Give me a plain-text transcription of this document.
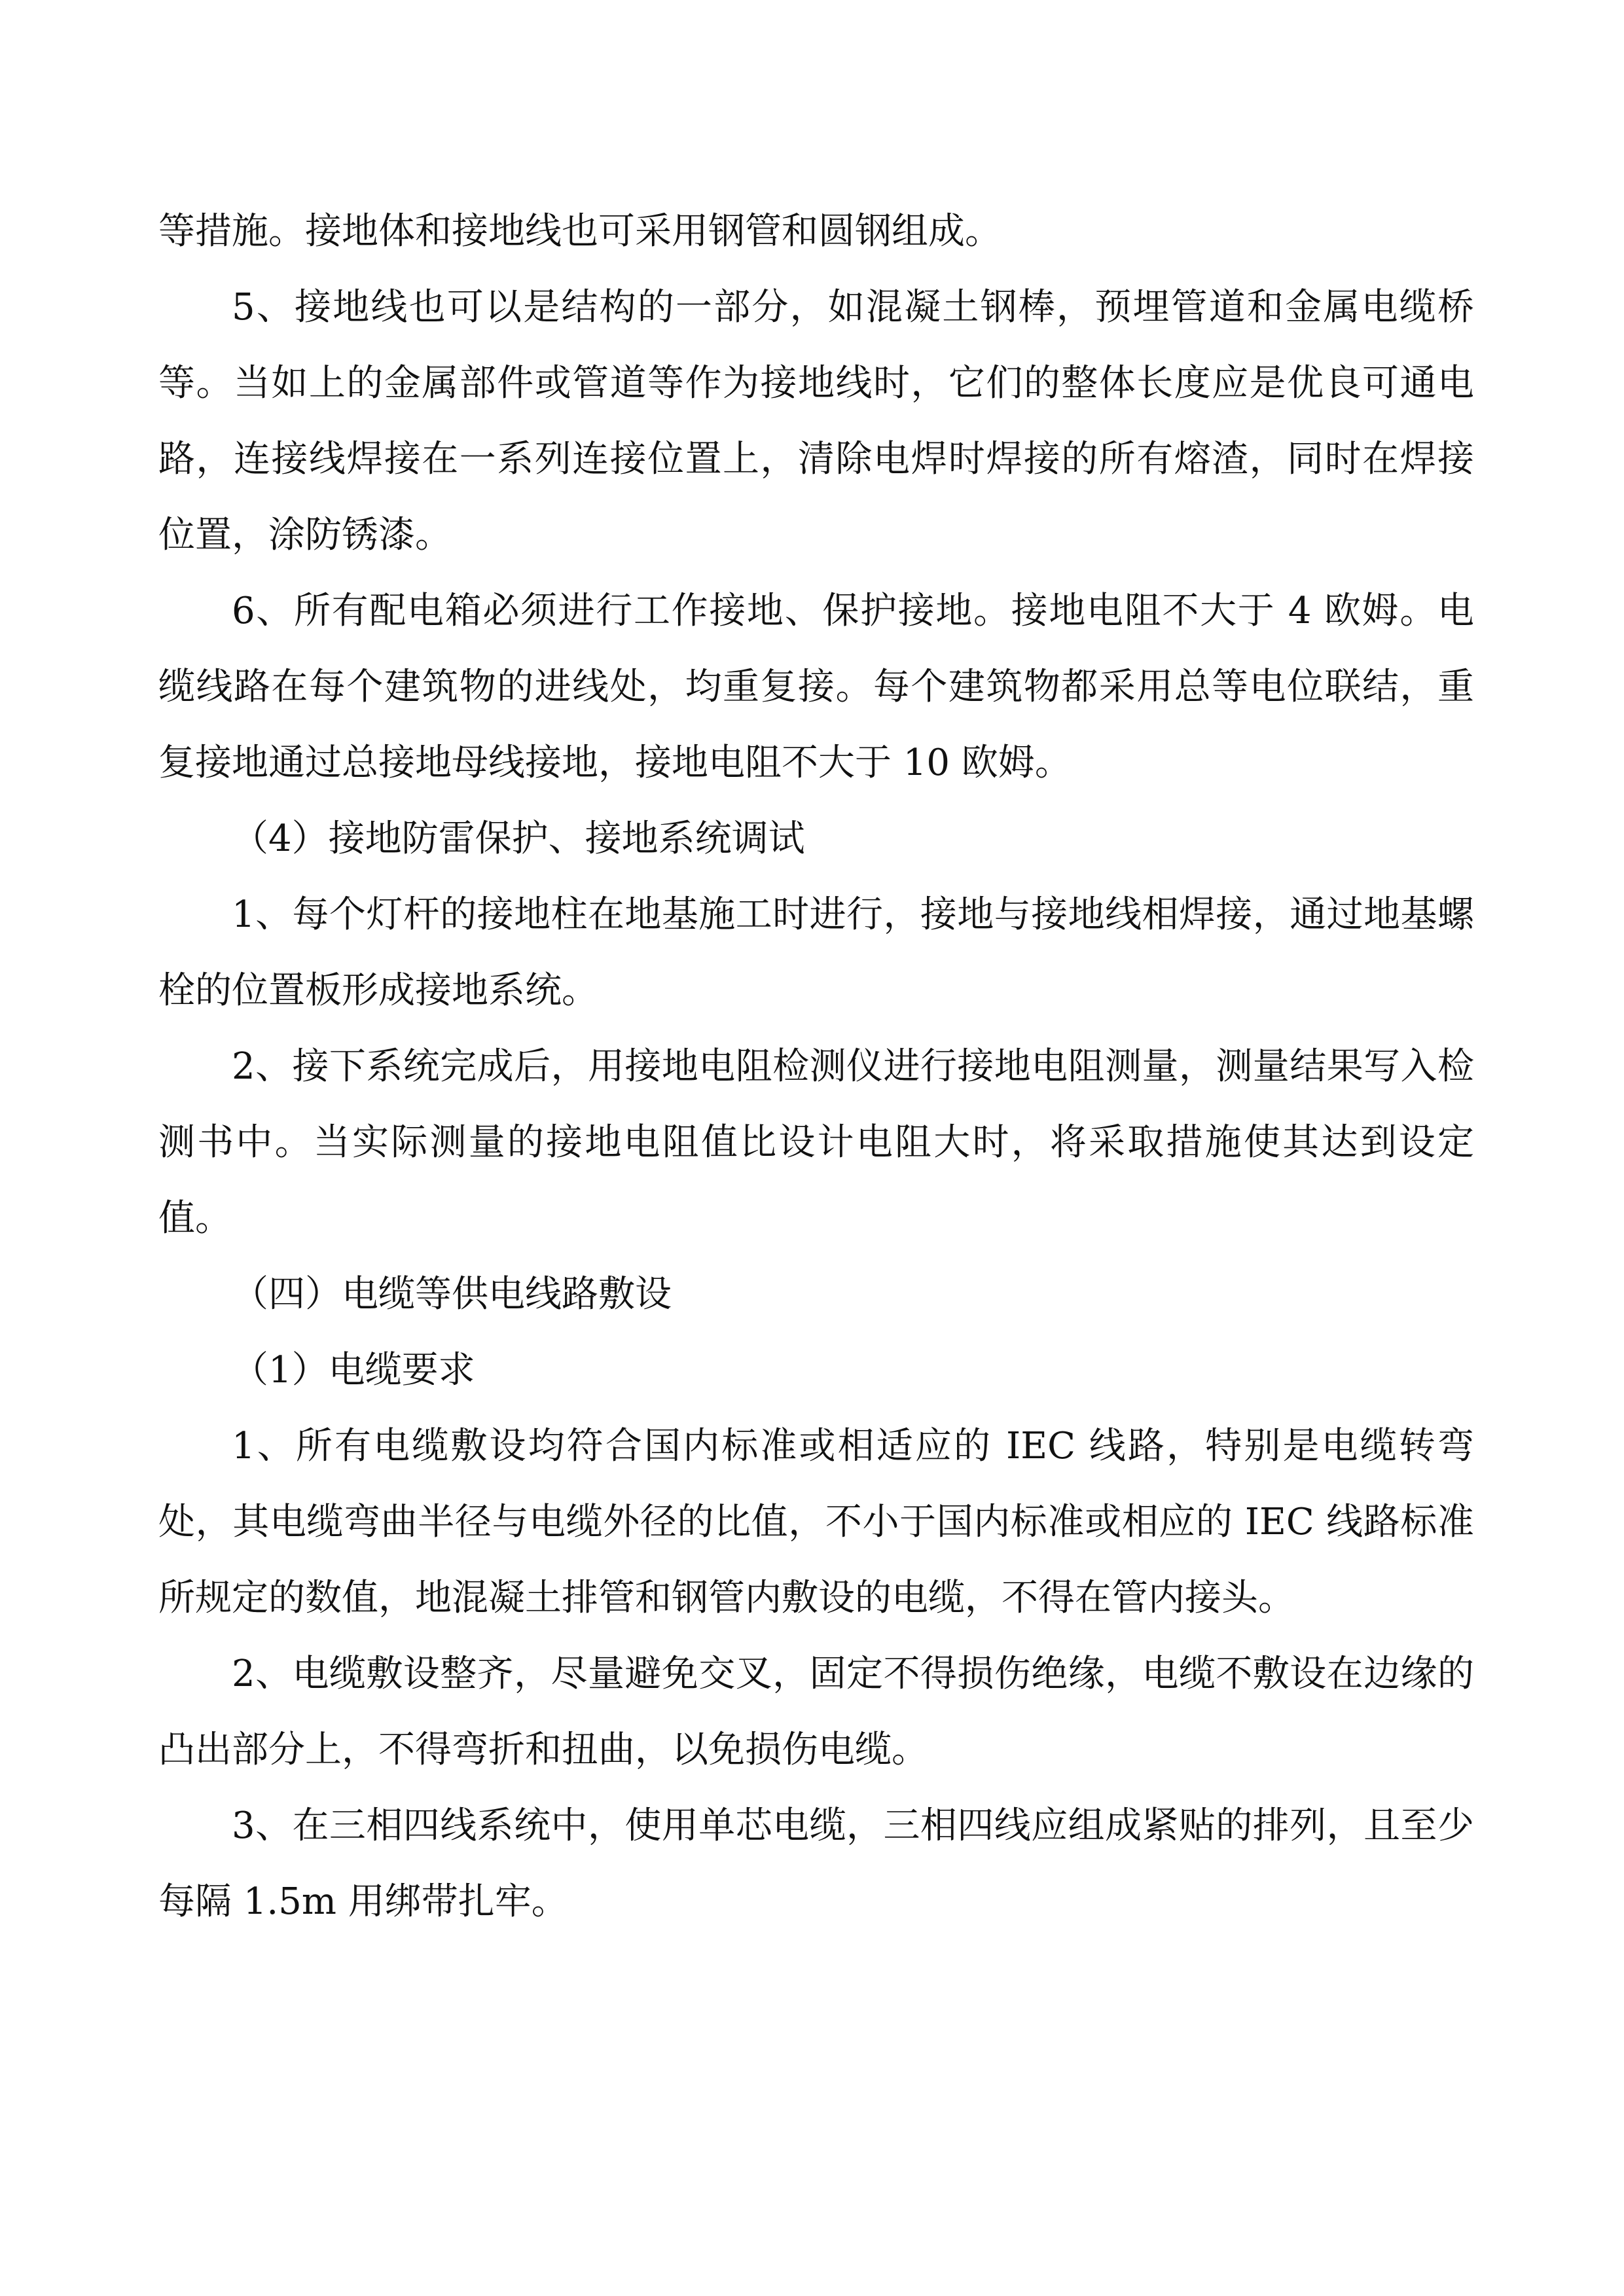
等措施。接地体和接地线也可采用钢管和圆钢组成。

5、接地线也可以是结构的一部分，如混凝土钢棒，预埋管道和金属电缆桥等。当如上的金属部件或管道等作为接地线时，它们的整体长度应是优良可通电路，连接线焊接在一系列连接位置上，清除电焊时焊接的所有熔渣，同时在焊接位置，涂防锈漆。

6、所有配电箱必须进行工作接地、保护接地。接地电阻不大于 4 欧姆。电缆线路在每个建筑物的进线处，均重复接。每个建筑物都采用总等电位联结，重复接地通过总接地母线接地，接地电阻不大于 10 欧姆。

（4）接地防雷保护、接地系统调试

1、每个灯杆的接地柱在地基施工时进行，接地与接地线相焊接，通过地基螺栓的位置板形成接地系统。

2、接下系统完成后，用接地电阻检测仪进行接地电阻测量，测量结果写入检测书中。当实际测量的接地电阻值比设计电阻大时，将采取措施使其达到设定值。

（四）电缆等供电线路敷设

（1）电缆要求

1、所有电缆敷设均符合国内标准或相适应的 IEC 线路，特别是电缆转弯处，其电缆弯曲半径与电缆外径的比值，不小于国内标准或相应的 IEC 线路标准所规定的数值，地混凝土排管和钢管内敷设的电缆，不得在管内接头。

2、电缆敷设整齐，尽量避免交叉，固定不得损伤绝缘，电缆不敷设在边缘的凸出部分上，不得弯折和扭曲，以免损伤电缆。

3、在三相四线系统中，使用单芯电缆，三相四线应组成紧贴的排列，且至少每隔 1.5m 用绑带扎牢。
